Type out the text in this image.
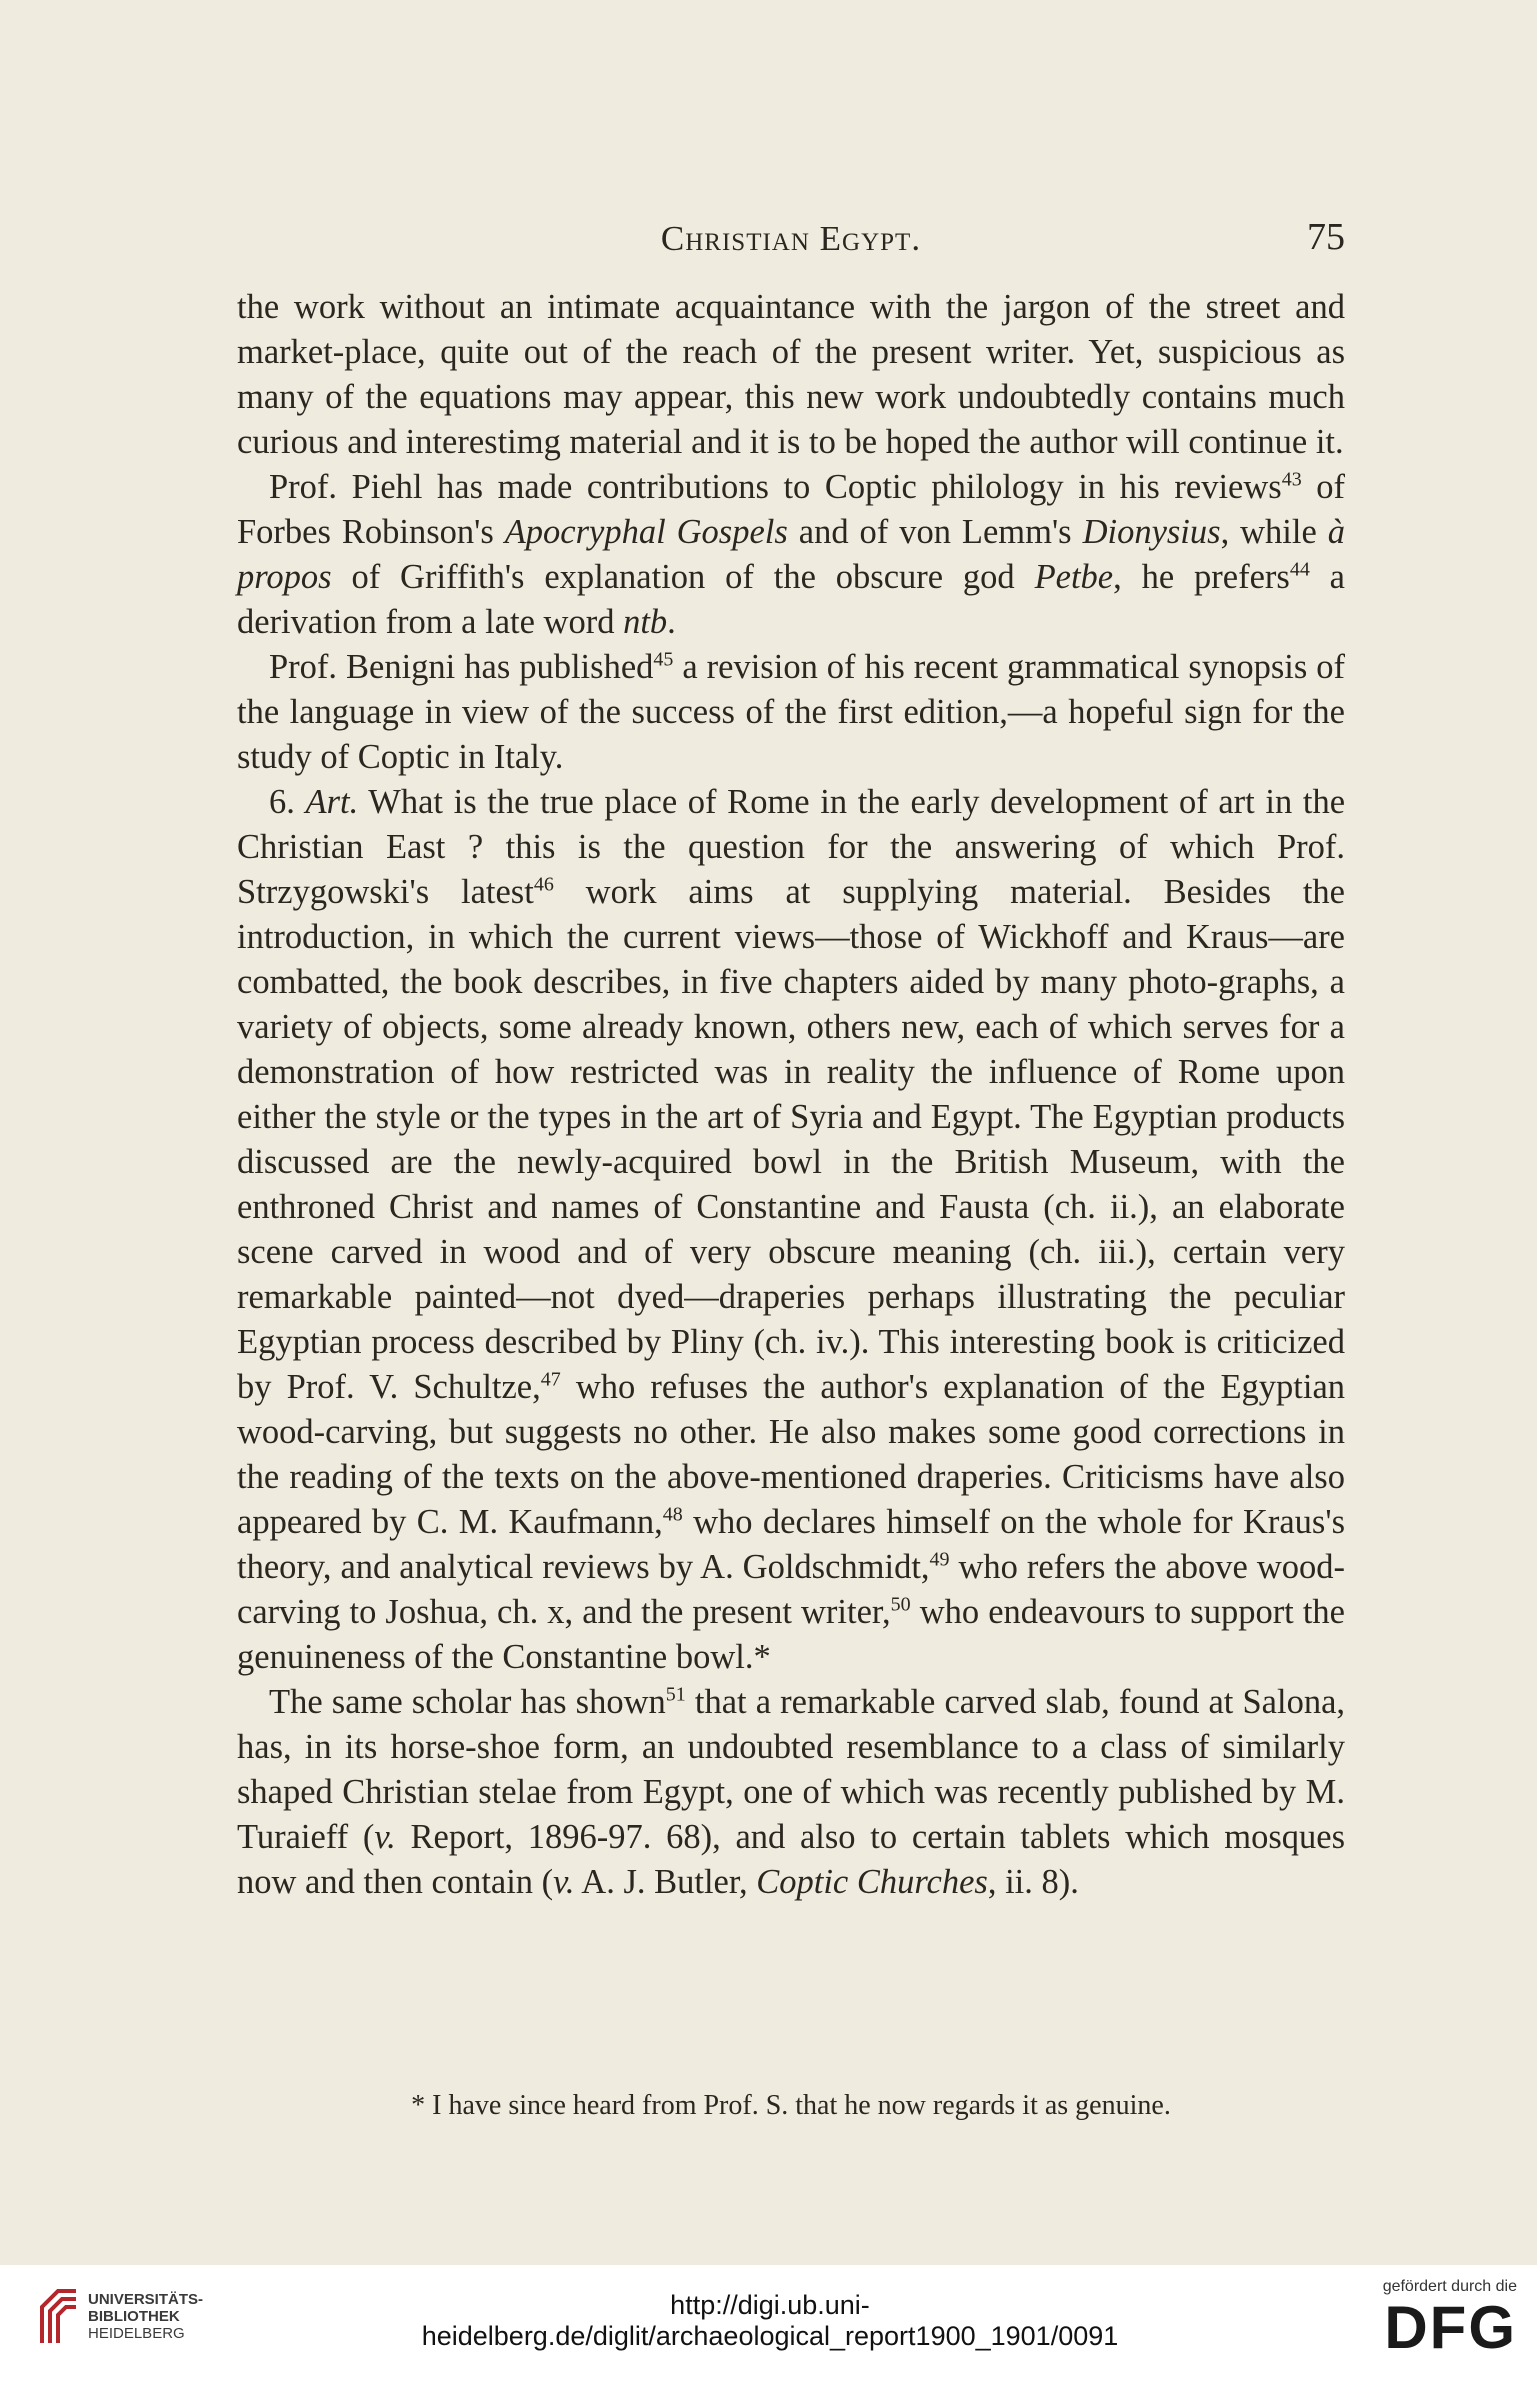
Christian Egypt.	75

the work without an intimate acquaintance with the jargon of the street and market-place, quite out of the reach of the present writer. Yet, suspicious as many of the equations may appear, this new work undoubtedly contains much curious and interestimg material and it is to be hoped the author will continue it.

Prof. Piehl has made contributions to Coptic philology in his reviews$^{43}$ of Forbes Robinson's Apocryphal Gospels and of von Lemm's Dionysius, while à propos of Griffith's explanation of the obscure god Petbe, he prefers$^{44}$ a derivation from a late word ntb.

Prof. Benigni has published$^{45}$ a revision of his recent grammatical synopsis of the language in view of the success of the first edition,—a hopeful sign for the study of Coptic in Italy.

6. Art. What is the true place of Rome in the early development of art in the Christian East ? this is the question for the answering of which Prof. Strzygowski's latest$^{46}$ work aims at supplying material. Besides the introduction, in which the current views—those of Wickhoff and Kraus—are combatted, the book describes, in five chapters aided by many photo-graphs, a variety of objects, some already known, others new, each of which serves for a demonstration of how restricted was in reality the influence of Rome upon either the style or the types in the art of Syria and Egypt. The Egyptian products discussed are the newly-acquired bowl in the British Museum, with the enthroned Christ and names of Constantine and Fausta (ch. ii.), an elaborate scene carved in wood and of very obscure meaning (ch. iii.), certain very remarkable painted—not dyed—draperies perhaps illustrating the peculiar Egyptian process described by Pliny (ch. iv.). This interesting book is criticized by Prof. V. Schultze,$^{47}$ who refuses the author's explanation of the Egyptian wood-carving, but suggests no other. He also makes some good corrections in the reading of the texts on the above-mentioned draperies. Criticisms have also appeared by C. M. Kaufmann,$^{48}$ who declares himself on the whole for Kraus's theory, and analytical reviews by A. Goldschmidt,$^{49}$ who refers the above wood-carving to Joshua, ch. x, and the present writer,$^{50}$ who endeavours to support the genuineness of the Constantine bowl.*

The same scholar has shown$^{51}$ that a remarkable carved slab, found at Salona, has, in its horse-shoe form, an undoubted resemblance to a class of similarly shaped Christian stelae from Egypt, one of which was recently published by M. Turaieff (v. Report, 1896-97. 68), and also to certain tablets which mosques now and then contain (v. A. J. Butler, Coptic Churches, ii. 8).

* I have since heard from Prof. S. that he now regards it as genuine.
UNIVERSITÄTS-
BIBLIOTHEK
HEIDELBERG
http://digi.ub.uni-heidelberg.de/diglit/archaeological_report1900_1901/0091
gefördert durch die
DFG
